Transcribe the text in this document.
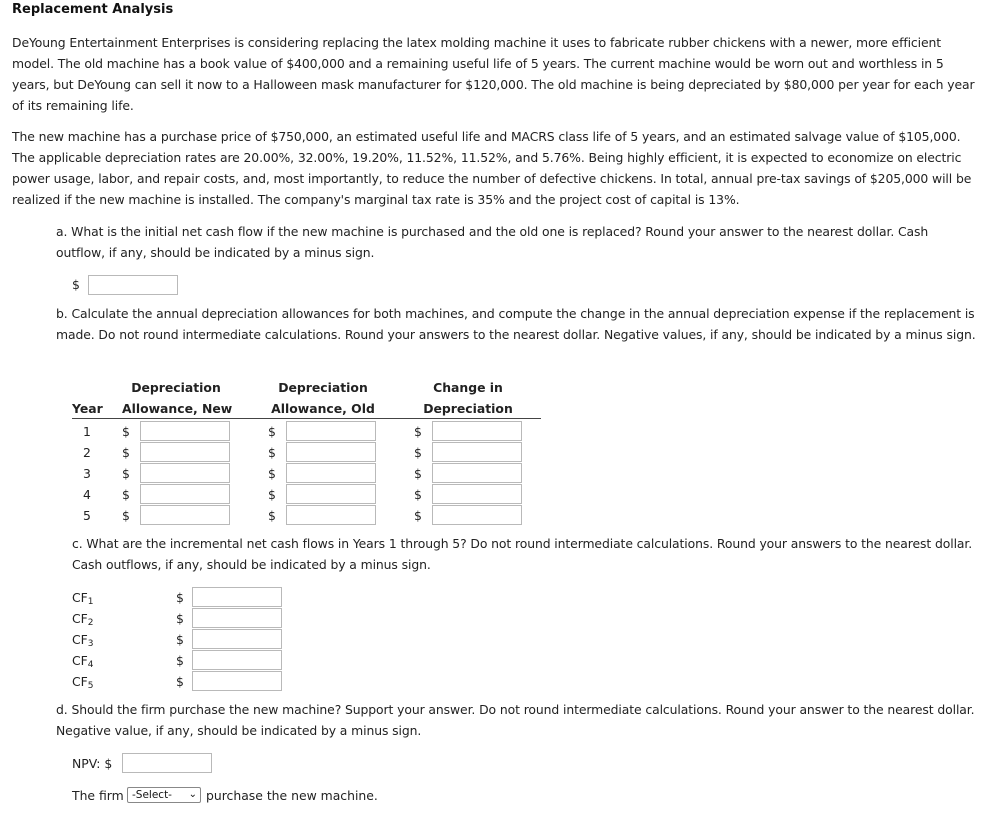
Replacement Analysis
DeYoung Entertainment Enterprises is considering replacing the latex molding machine it uses to fabricate rubber chickens with a newer, more efficient model. The old machine has a book value of $400,000 and a remaining useful life of 5 years. The current machine would be worn out and worthless in 5 years, but DeYoung can sell it now to a Halloween mask manufacturer for $120,000. The old machine is being depreciated by $80,000 per year for each year of its remaining life.
The new machine has a purchase price of $750,000, an estimated useful life and MACRS class life of 5 years, and an estimated salvage value of $105,000. The applicable depreciation rates are 20.00%, 32.00%, 19.20%, 11.52%, 11.52%, and 5.76%. Being highly efficient, it is expected to economize on electric power usage, labor, and repair costs, and, most importantly, to reduce the number of defective chickens. In total, annual pre-tax savings of $205,000 will be realized if the new machine is installed. The company's marginal tax rate is 35% and the project cost of capital is 13%.
a. What is the initial net cash flow if the new machine is purchased and the old one is replaced? Round your answer to the nearest dollar. Cash outflow, if any, should be indicated by a minus sign.
$
b. Calculate the annual depreciation allowances for both machines, and compute the change in the annual depreciation expense if the replacement is made. Do not round intermediate calculations. Round your answers to the nearest dollar. Negative values, if any, should be indicated by a minus sign.
Year
Depreciation
Allowance, New
Depreciation
Allowance, Old
Change in
Depreciation
1	$	$	$
2	$	$	$
3	$	$	$
4	$	$	$
5	$	$	$
c. What are the incremental net cash flows in Years 1 through 5? Do not round intermediate calculations. Round your answers to the nearest dollar. Cash outflows, if any, should be indicated by a minus sign.
$CF_1$	$
$CF_2$	$
$CF_3$	$
$CF_4$	$
$CF_5$	$
d. Should the firm purchase the new machine? Support your answer. Do not round intermediate calculations. Round your answer to the nearest dollar. Negative value, if any, should be indicated by a minus sign.
NPV: $
The firm -Select- ⌄ purchase the new machine.
